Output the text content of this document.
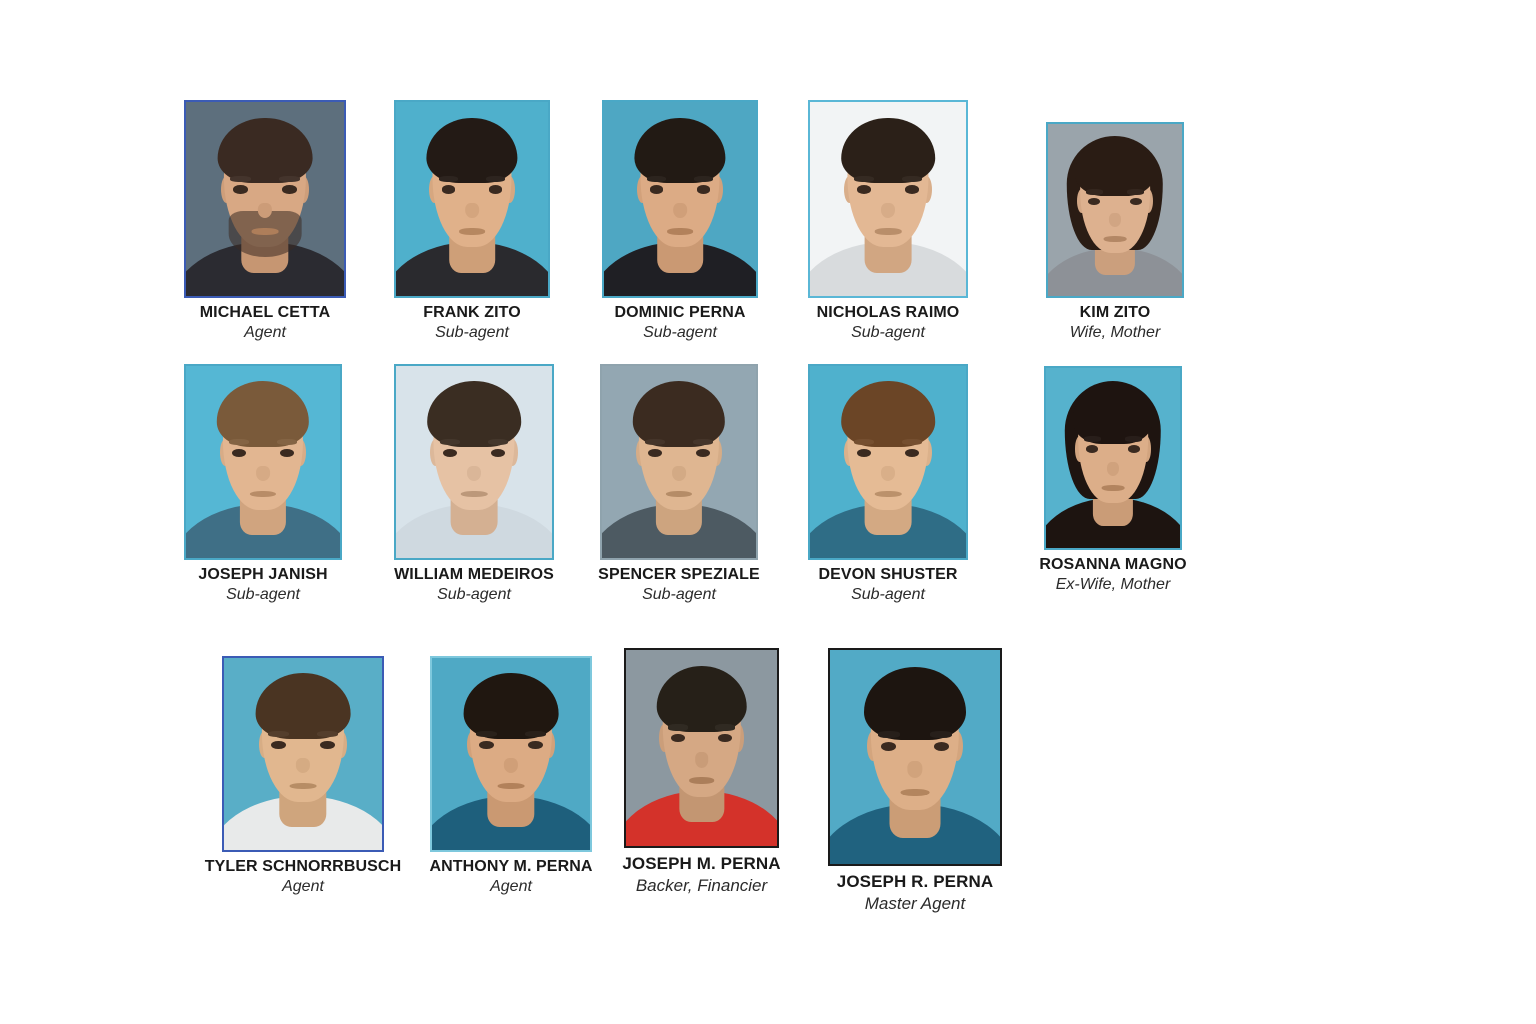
MICHAEL CETTA
Agent
FRANK ZITO
Sub-agent
DOMINIC PERNA
Sub-agent
NICHOLAS RAIMO
Sub-agent
KIM ZITO
Wife, Mother
JOSEPH JANISH
Sub-agent
WILLIAM MEDEIROS
Sub-agent
SPENCER SPEZIALE
Sub-agent
DEVON SHUSTER
Sub-agent
ROSANNA MAGNO
Ex-Wife, Mother
TYLER SCHNORRBUSCH
Agent
ANTHONY M. PERNA
Agent
JOSEPH M. PERNA
Backer, Financier	JOSEPH R. PERNA
Master Agent
